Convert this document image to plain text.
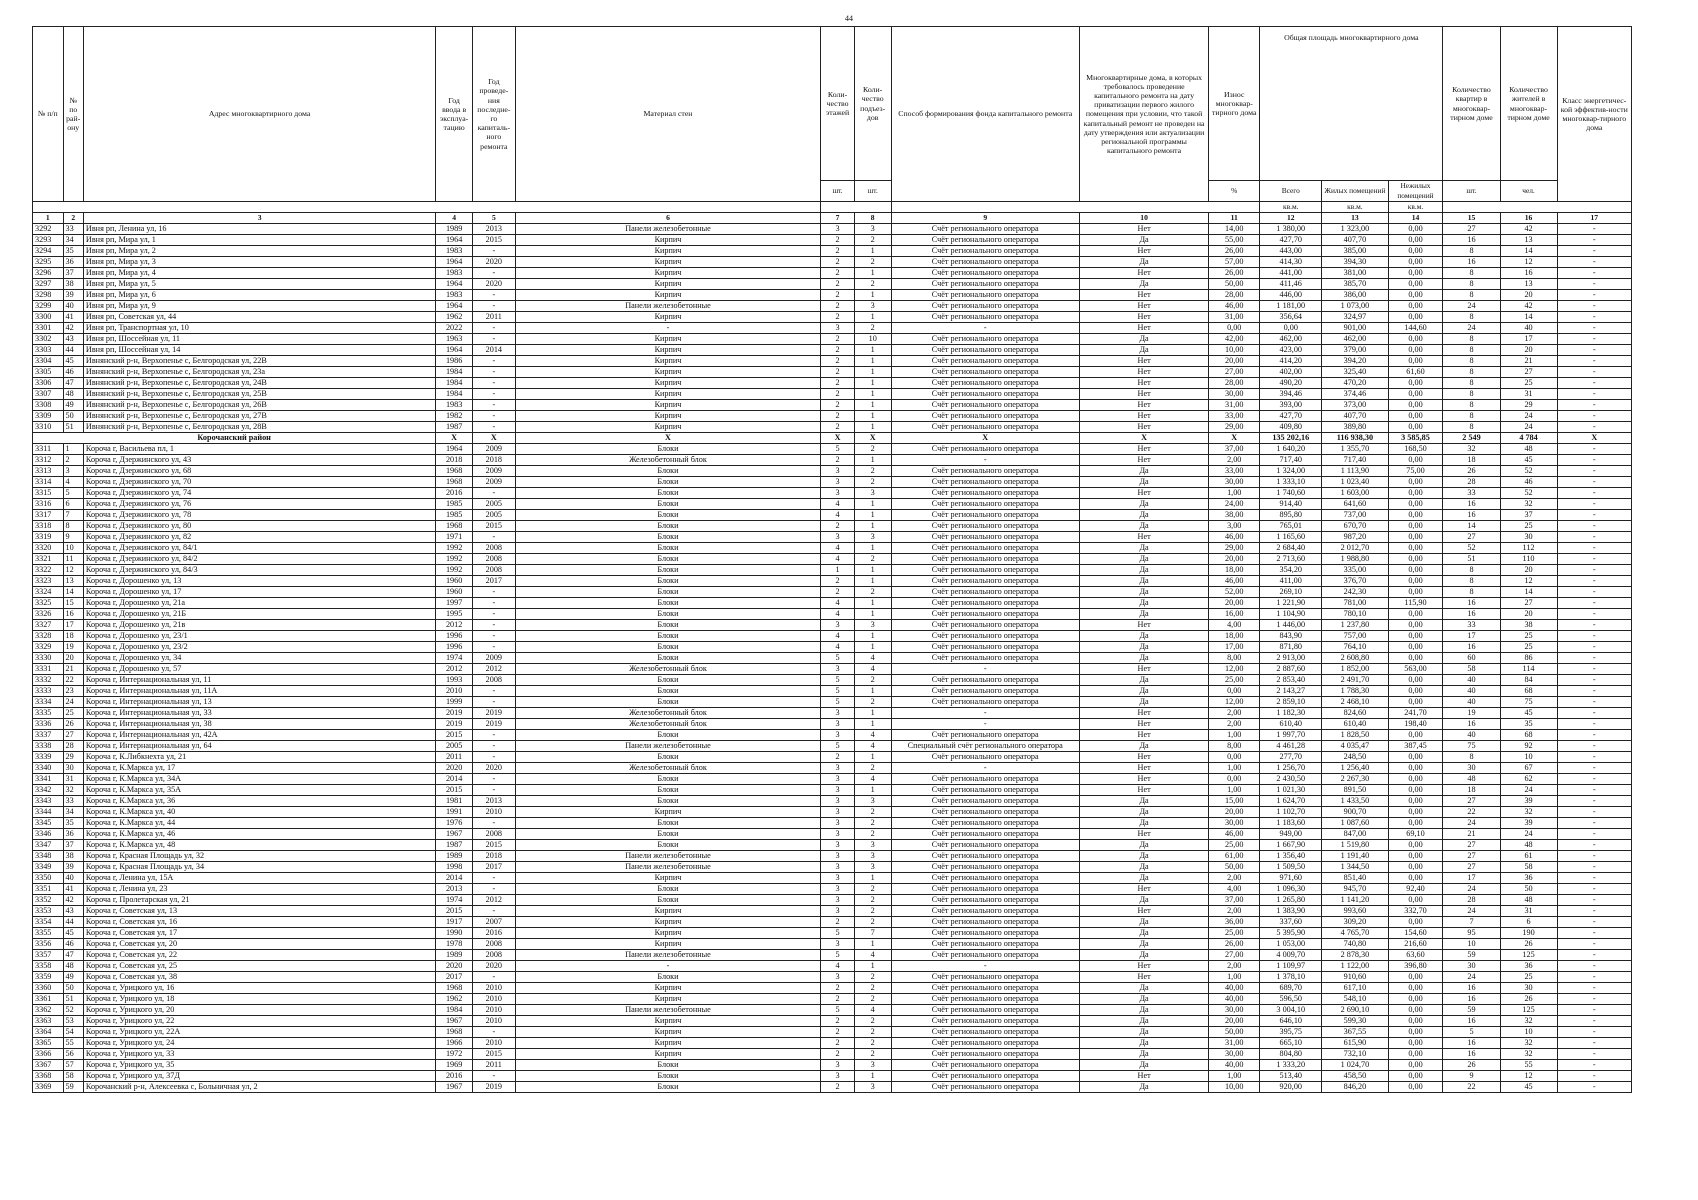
44
№ п/п	№ по рай-ону	Адрес многоквартирного дома	Год ввода в эксплуа-тацию	Год проведе-ния последне-го капиталь-ного ремонта	Материал стен	Коли-чество этажей	Коли-чество подъез-дов	Способ формирования фонда капитального ремонта	Многоквартирные дома, в которых требовалось проведение капитального ремонта на дату приватизации первого жилого помещения при условии, что такой капитальный ремонт не проведен на дату утверждения или актуализации региональной программы капитального ремонта	Износ многоквар-тирного дома	Общая площадь многоквартирного дома			Количество квартир в многоквар-тирном доме	Количество жителей в многоквар-тирном доме	Класс энергетичес-кой эффектив-ности многоквар-тирного дома
						шт.	шт.			%	Всего	Жилых помещений	Нежилых помещений	шт.	чел.	
											кв.м.	кв.м.	кв.м.			
1	2	3	4	5	6	7	8	9	10	11	12	13	14	15	16	17
3292	33	Ивня рп, Ленина ул, 16	1989	2013	Панели железобетонные	3	3	Счёт регионального оператора	Нет	14,00	1 380,00	1 323,00	0,00	27	42	-
3293	34	Ивня рп, Мира ул, 1	1964	2015	Кирпич	2	2	Счёт регионального оператора	Да	55,00	427,70	407,70	0,00	16	13	-
3294	35	Ивня рп, Мира ул, 2	1983	-	Кирпич	2	1	Счёт регионального оператора	Нет	26,00	443,00	385,00	0,00	8	14	-
3295	36	Ивня рп, Мира ул, 3	1964	2020	Кирпич	2	2	Счёт регионального оператора	Да	57,00	414,30	394,30	0,00	16	12	-
3296	37	Ивня рп, Мира ул, 4	1983	-	Кирпич	2	1	Счёт регионального оператора	Нет	26,00	441,00	381,00	0,00	8	16	-
3297	38	Ивня рп, Мира ул, 5	1964	2020	Кирпич	2	2	Счёт регионального оператора	Да	50,00	411,46	385,70	0,00	8	13	-
3298	39	Ивня рп, Мира ул, 6	1983	-	Кирпич	2	1	Счёт регионального оператора	Нет	28,00	446,00	386,00	0,00	8	20	-
3299	40	Ивня рп, Мира ул, 9	1964	-	Панели железобетонные	2	3	Счёт регионального оператора	Нет	46,00	1 181,00	1 073,00	0,00	24	42	-
3300	41	Ивня рп, Советская ул, 44	1962	2011	Кирпич	2	1	Счёт регионального оператора	Нет	31,00	356,64	324,97	0,00	8	14	-
3301	42	Ивня рп, Транспортная ул, 10	2022	-	-	3	2	-	Нет	0,00	0,00	901,00	144,60	24	40	-
3302	43	Ивня рп, Шоссейная ул, 11	1963	-	Кирпич	2	10	Счёт регионального оператора	Да	42,00	462,00	462,00	0,00	8	17	-
3303	44	Ивня рп, Шоссейная ул, 14	1964	2014	Кирпич	2	1	Счёт регионального оператора	Да	10,00	423,00	379,00	0,00	8	20	-
3304	45	Ивнянский р-н, Верхопенье с, Белгородская ул, 22В	1986	-	Кирпич	2	1	Счёт регионального оператора	Нет	20,00	414,20	394,20	0,00	8	21	-
3305	46	Ивнянский р-н, Верхопенье с, Белгородская ул, 23а	1984	-	Кирпич	2	1	Счёт регионального оператора	Нет	27,00	402,00	325,40	61,60	8	27	-
3306	47	Ивнянский р-н, Верхопенье с, Белгородская ул, 24В	1984	-	Кирпич	2	1	Счёт регионального оператора	Нет	28,00	490,20	470,20	0,00	8	25	-
3307	48	Ивнянский р-н, Верхопенье с, Белгородская ул, 25В	1984	-	Кирпич	2	1	Счёт регионального оператора	Нет	30,00	394,46	374,46	0,00	8	31	-
3308	49	Ивнянский р-н, Верхопенье с, Белгородская ул, 26В	1983	-	Кирпич	2	1	Счёт регионального оператора	Нет	31,00	393,00	373,00	0,00	8	29	-
3309	50	Ивнянский р-н, Верхопенье с, Белгородская ул, 27В	1982	-	Кирпич	2	1	Счёт регионального оператора	Нет	33,00	427,70	407,70	0,00	8	24	-
3310	51	Ивнянский р-н, Верхопенье с, Белгородская ул, 28В	1987	-	Кирпич	2	1	Счёт регионального оператора	Нет	29,00	409,80	389,80	0,00	8	24	-
Корочанский район			X	X	X	X	X	X	X	X	135 202,16	116 938,30	3 585,85	2 549	4 784	X
3311	1	Короча г, Васильева пл, 1	1964	2009	Блоки	5	2	Счёт регионального оператора	Нет	37,00	1 640,20	1 355,70	168,50	32	48	-
3312	2	Короча г, Дзержинского ул, 43	2018	2018	Железобетонный блок	2	1	-	Нет	2,00	717,40	717,40	0,00	18	45	-
3313	3	Короча г, Дзержинского ул, 68	1968	2009	Блоки	3	2	Счёт регионального оператора	Да	33,00	1 324,00	1 113,90	75,00	26	52	-
3314	4	Короча г, Дзержинского ул, 70	1968	2009	Блоки	3	2	Счёт регионального оператора	Да	30,00	1 333,10	1 023,40	0,00	28	46	-
3315	5	Короча г, Дзержинского ул, 74	2016	-	Блоки	3	3	Счёт регионального оператора	Нет	1,00	1 740,60	1 603,00	0,00	33	52	-
3316	6	Короча г, Дзержинского ул, 76	1985	2005	Блоки	4	1	Счёт регионального оператора	Да	24,00	914,40	641,60	0,00	16	32	-
3317	7	Короча г, Дзержинского ул, 78	1985	2005	Блоки	4	1	Счёт регионального оператора	Да	38,00	895,80	737,00	0,00	16	37	-
3318	8	Короча г, Дзержинского ул, 80	1968	2015	Блоки	2	1	Счёт регионального оператора	Да	3,00	765,01	670,70	0,00	14	25	-
3319	9	Короча г, Дзержинского ул, 82	1971	-	Блоки	3	3	Счёт регионального оператора	Нет	46,00	1 165,60	987,20	0,00	27	30	-
3320	10	Короча г, Дзержинского ул, 84/1	1992	2008	Блоки	4	1	Счёт регионального оператора	Да	29,00	2 684,40	2 012,70	0,00	52	112	-
3321	11	Короча г, Дзержинского ул, 84/2	1992	2008	Блоки	4	2	Счёт регионального оператора	Да	20,00	2 713,60	1 988,80	0,00	51	110	-
3322	12	Короча г, Дзержинского ул, 84/3	1992	2008	Блоки	1	1	Счёт регионального оператора	Да	18,00	354,20	335,00	0,00	8	20	-
3323	13	Короча г, Дорошенко ул, 13	1960	2017	Блоки	2	1	Счёт регионального оператора	Да	46,00	411,00	376,70	0,00	8	12	-
3324	14	Короча г, Дорошенко ул, 17	1960	-	Блоки	2	2	Счёт регионального оператора	Да	52,00	269,10	242,30	0,00	8	14	-
3325	15	Короча г, Дорошенко ул, 21а	1997	-	Блоки	4	1	Счёт регионального оператора	Да	20,00	1 221,90	781,00	115,90	16	27	-
3326	16	Короча г, Дорошенко ул, 21Б	1995	-	Блоки	4	1	Счёт регионального оператора	Да	16,00	1 104,90	780,10	0,00	16	20	-
3327	17	Короча г, Дорошенко ул, 21в	2012	-	Блоки	3	3	Счёт регионального оператора	Нет	4,00	1 446,00	1 237,80	0,00	33	38	-
3328	18	Короча г, Дорошенко ул, 23/1	1996	-	Блоки	4	1	Счёт регионального оператора	Да	18,00	843,90	757,00	0,00	17	25	-
3329	19	Короча г, Дорошенко ул, 23/2	1996	-	Блоки	4	1	Счёт регионального оператора	Да	17,00	871,80	764,10	0,00	16	25	-
3330	20	Короча г, Дорошенко ул, 34	1974	2009	Блоки	5	4	Счёт регионального оператора	Да	8,00	2 913,00	2 608,80	0,00	60	86	-
3331	21	Короча г, Дорошенко ул, 57	2012	2012	Железобетонный блок	3	4	-	Нет	12,00	2 887,60	1 852,00	563,00	58	114	-
3332	22	Короча г, Интернациональная ул, 11	1993	2008	Блоки	5	2	Счёт регионального оператора	Да	25,00	2 853,40	2 491,70	0,00	40	84	-
3333	23	Короча г, Интернациональная ул, 11А	2010	-	Блоки	5	1	Счёт регионального оператора	Да	0,00	2 143,27	1 788,30	0,00	40	68	-
3334	24	Короча г, Интернациональная ул, 13	1999	-	Блоки	5	2	Счёт регионального оператора	Да	12,00	2 859,10	2 468,10	0,00	40	75	-
3335	25	Короча г, Интернациональная ул, 33	2019	2019	Железобетонный блок	3	1	-	Нет	2,00	1 182,30	824,60	241,70	19	45	-
3336	26	Короча г, Интернациональная ул, 38	2019	2019	Железобетонный блок	3	1	-	Нет	2,00	610,40	610,40	198,40	16	35	-
3337	27	Короча г, Интернациональная ул, 42А	2015	-	Блоки	3	4	Счёт регионального оператора	Нет	1,00	1 997,70	1 828,50	0,00	40	68	-
3338	28	Короча г, Интернациональная ул, 64	2005	-	Панели железобетонные	5	4	Специальный счёт регионального оператора	Да	8,00	4 461,28	4 035,47	387,45	75	92	-
3339	29	Короча г, К.Либкнехта ул, 21	2011	-	Блоки	2	1	Счёт регионального оператора	Нет	0,00	277,70	248,50	0,00	8	10	-
3340	30	Короча г, К.Маркса ул, 17	2020	2020	Железобетонный блок	3	2	-	Нет	1,00	1 256,70	1 256,40	0,00	30	67	-
3341	31	Короча г, К.Маркса ул, 34А	2014	-	Блоки	3	4	Счёт регионального оператора	Нет	0,00	2 430,50	2 267,30	0,00	48	62	-
3342	32	Короча г, К.Маркса ул, 35А	2015	-	Блоки	3	1	Счёт регионального оператора	Нет	1,00	1 021,30	891,50	0,00	18	24	-
3343	33	Короча г, К.Маркса ул, 36	1981	2013	Блоки	3	3	Счёт регионального оператора	Да	15,00	1 624,70	1 433,50	0,00	27	39	-
3344	34	Короча г, К.Маркса ул, 40	1991	2010	Кирпич	3	2	Счёт регионального оператора	Да	20,00	1 102,70	900,70	0,00	22	32	-
3345	35	Короча г, К.Маркса ул, 44	1976	-	Блоки	3	2	Счёт регионального оператора	Да	30,00	1 183,60	1 087,60	0,00	24	39	-
3346	36	Короча г, К.Маркса ул, 46	1967	2008	Блоки	3	2	Счёт регионального оператора	Нет	46,00	949,00	847,00	69,10	21	24	-
3347	37	Короча г, К.Маркса ул, 48	1987	2015	Блоки	3	3	Счёт регионального оператора	Да	25,00	1 667,90	1 519,80	0,00	27	48	-
3348	38	Короча г, Красная Площадь ул, 32	1989	2018	Панели железобетонные	3	3	Счёт регионального оператора	Да	61,00	1 356,40	1 191,40	0,00	27	61	-
3349	39	Короча г, Красная Площадь ул, 34	1998	2017	Панели железобетонные	3	3	Счёт регионального оператора	Да	50,00	1 509,50	1 344,50	0,00	27	58	-
3350	40	Короча г, Ленина ул, 15А	2014	-	Кирпич	3	1	Счёт регионального оператора	Да	2,00	971,60	851,40	0,00	17	36	-
3351	41	Короча г, Ленина ул, 23	2013	-	Блоки	3	2	Счёт регионального оператора	Нет	4,00	1 096,30	945,70	92,40	24	50	-
3352	42	Короча г, Пролетарская ул, 21	1974	2012	Блоки	3	2	Счёт регионального оператора	Да	37,00	1 265,80	1 141,20	0,00	28	48	-
3353	43	Короча г, Советская ул, 13	2015	-	Кирпич	3	2	Счёт регионального оператора	Нет	2,00	1 383,90	993,60	332,70	24	31	-
3354	44	Короча г, Советская ул, 16	1917	2007	Кирпич	2	2	Счёт регионального оператора	Да	36,00	337,60	309,20	0,00	7	6	-
3355	45	Короча г, Советская ул, 17	1990	2016	Кирпич	5	7	Счёт регионального оператора	Да	25,00	5 395,90	4 765,70	154,60	95	190	-
3356	46	Короча г, Советская ул, 20	1978	2008	Кирпич	3	1	Счёт регионального оператора	Да	26,00	1 053,00	740,80	216,60	10	26	-
3357	47	Короча г, Советская ул, 22	1989	2008	Панели железобетонные	5	4	Счёт регионального оператора	Да	27,00	4 009,70	2 878,30	63,60	59	125	-
3358	48	Короча г, Советская ул, 25	2020	2020	-	4	1	-	Нет	2,00	1 109,97	1 122,00	396,80	30	36	-
3359	49	Короча г, Советская ул, 38	2017	-	Блоки	3	2	Счёт регионального оператора	Нет	1,00	1 378,10	910,60	0,00	24	25	-
3360	50	Короча г, Урицкого ул, 16	1968	2010	Кирпич	2	2	Счёт регионального оператора	Да	40,00	689,70	617,10	0,00	16	30	-
3361	51	Короча г, Урицкого ул, 18	1962	2010	Кирпич	2	2	Счёт регионального оператора	Да	40,00	596,50	548,10	0,00	16	26	-
3362	52	Короча г, Урицкого ул, 20	1984	2010	Панели железобетонные	5	4	Счёт регионального оператора	Да	30,00	3 004,10	2 690,10	0,00	59	125	-
3363	53	Короча г, Урицкого ул, 22	1967	2010	Кирпич	2	2	Счёт регионального оператора	Да	20,00	646,10	599,30	0,00	16	32	-
3364	54	Короча г, Урицкого ул, 22А	1968	-	Кирпич	2	2	Счёт регионального оператора	Да	50,00	395,75	367,55	0,00	5	10	-
3365	55	Короча г, Урицкого ул, 24	1966	2010	Кирпич	2	2	Счёт регионального оператора	Да	31,00	665,10	615,90	0,00	16	32	-
3366	56	Короча г, Урицкого ул, 33	1972	2015	Кирпич	2	2	Счёт регионального оператора	Да	30,00	804,80	732,10	0,00	16	32	-
3367	57	Короча г, Урицкого ул, 35	1969	2011	Блоки	3	3	Счёт регионального оператора	Да	40,00	1 333,20	1 024,70	0,00	26	55	-
3368	58	Короча г, Урицкого ул, 37Д	2016	-	Блоки	3	1	Счёт регионального оператора	Нет	1,00	513,40	458,50	0,00	9	12	-
3369	59	Корочанский р-н, Алексеевка с, Больничная ул, 2	1967	2019	Блоки	2	3	Счёт регионального оператора	Да	10,00	920,00	846,20	0,00	22	45	-
